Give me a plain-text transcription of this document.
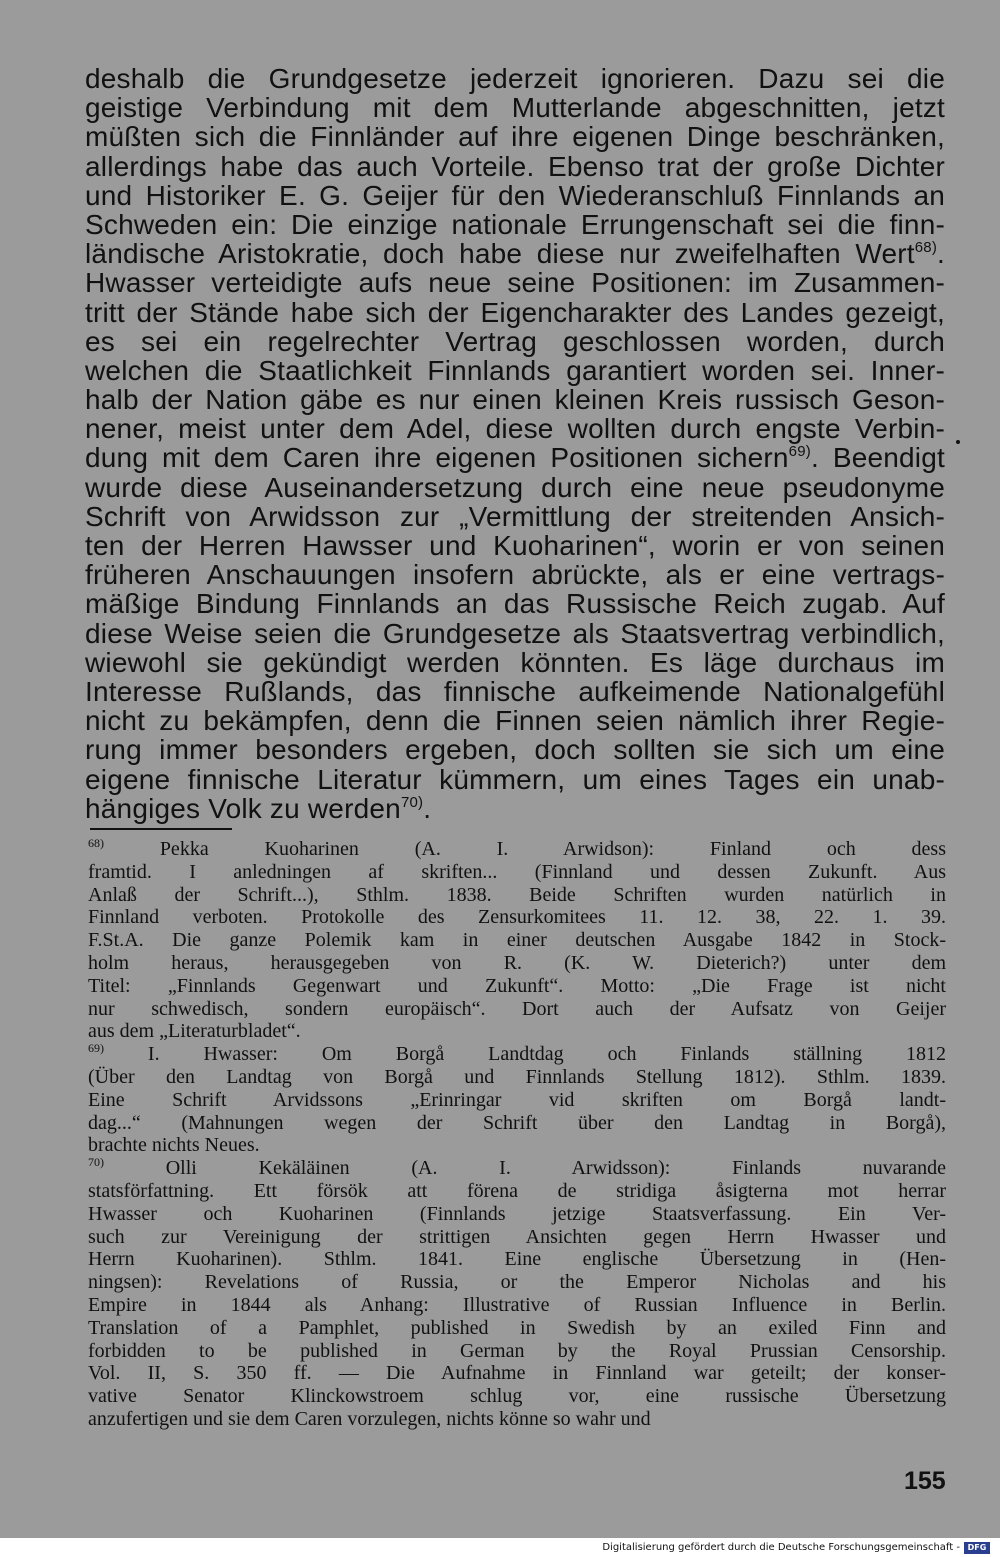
deshalb die Grundgesetze jederzeit ignorieren. Dazu sei die
geistige Verbindung mit dem Mutterlande abgeschnitten, jetzt
müßten sich die Finnländer auf ihre eigenen Dinge beschränken,
allerdings habe das auch Vorteile. Ebenso trat der große Dichter
und Historiker E. G. Geijer für den Wiederanschluß Finnlands an
Schweden ein: Die einzige nationale Errungenschaft sei die finn-
ländische Aristokratie, doch habe diese nur zweifelhaften Wert$^{68)}$.
Hwasser verteidigte aufs neue seine Positionen: im Zusammen-
tritt der Stände habe sich der Eigencharakter des Landes gezeigt,
es sei ein regelrechter Vertrag geschlossen worden, durch
welchen die Staatlichkeit Finnlands garantiert worden sei. Inner-
halb der Nation gäbe es nur einen kleinen Kreis russisch Geson-
nener, meist unter dem Adel, diese wollten durch engste Verbin-
dung mit dem Caren ihre eigenen Positionen sichern$^{69)}$. Beendigt
wurde diese Auseinandersetzung durch eine neue pseudonyme
Schrift von Arwidsson zur „Vermittlung der streitenden Ansich-
ten der Herren Hawsser und Kuoharinen“, worin er von seinen
früheren Anschauungen insofern abrückte, als er eine vertrags-
mäßige Bindung Finnlands an das Russische Reich zugab. Auf
diese Weise seien die Grundgesetze als Staatsvertrag verbindlich,
wiewohl sie gekündigt werden könnten. Es läge durchaus im
Interesse Rußlands, das finnische aufkeimende Nationalgefühl
nicht zu bekämpfen, denn die Finnen seien nämlich ihrer Regie-
rung immer besonders ergeben, doch sollten sie sich um eine
eigene finnische Literatur kümmern, um eines Tages ein unab-
hängiges Volk zu werden$^{70)}$.
$^{68)}$ Pekka Kuoharinen (A. I. Arwidson): Finland och dess
framtid. I anledningen af skriften... (Finnland und dessen Zukunft. Aus
Anlaß der Schrift...), Sthlm. 1838. Beide Schriften wurden natürlich in
Finnland verboten. Protokolle des Zensurkomitees 11. 12. 38, 22. 1. 39.
F.St.A. Die ganze Polemik kam in einer deutschen Ausgabe 1842 in Stock-
holm heraus, herausgegeben von R. (K. W. Dieterich?) unter dem
Titel: „Finnlands Gegenwart und Zukunft“. Motto: „Die Frage ist nicht
nur schwedisch, sondern europäisch“. Dort auch der Aufsatz von Geijer
aus dem „Literaturbladet“.
$^{69)}$ I. Hwasser: Om Borgå Landtdag och Finlands ställning 1812
(Über den Landtag von Borgå und Finnlands Stellung 1812). Sthlm. 1839.
Eine Schrift Arvidssons „Erinringar vid skriften om Borgå landt-
dag...“ (Mahnungen wegen der Schrift über den Landtag in Borgå),
brachte nichts Neues.
$^{70)}$ Olli Kekäläinen (A. I. Arwidsson): Finlands nuvarande
statsförfattning. Ett försök att förena de stridiga åsigterna mot herrar
Hwasser och Kuoharinen (Finnlands jetzige Staatsverfassung. Ein Ver-
such zur Vereinigung der strittigen Ansichten gegen Herrn Hwasser und
Herrn Kuoharinen). Sthlm. 1841. Eine englische Übersetzung in (Hen-
ningsen): Revelations of Russia, or the Emperor Nicholas and his
Empire in 1844 als Anhang: Illustrative of Russian Influence in Berlin.
Translation of a Pamphlet, published in Swedish by an exiled Finn and
forbidden to be published in German by the Royal Prussian Censorship.
Vol. II, S. 350 ff. — Die Aufnahme in Finnland war geteilt; der konser-
vative Senator Klinckowstroem schlug vor, eine russische Übersetzung
anzufertigen und sie dem Caren vorzulegen, nichts könne so wahr und
155
Digitalisierung gefördert durch die Deutsche Forschungsgemeinschaft - DFG
